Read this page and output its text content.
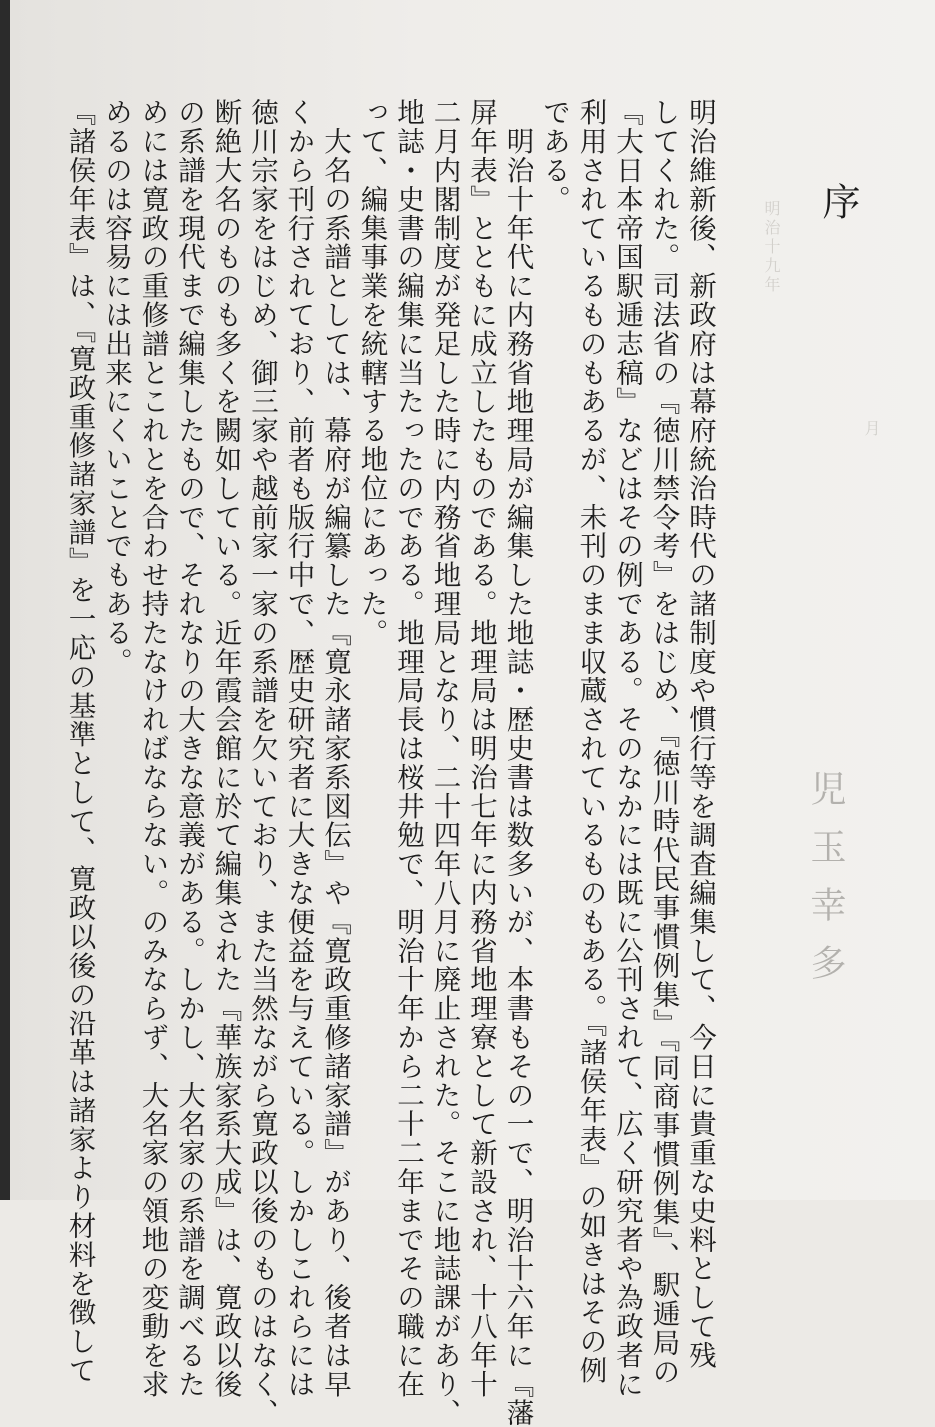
明治十九年
月
序
児玉幸多
明治維新後、新政府は幕府統治時代の諸制度や慣行等を調査編集して、今日に貴重な史料として残
してくれた。司法省の『徳川禁令考』をはじめ、『徳川時代民事慣例集』『同商事慣例集』、駅逓局の
『大日本帝国駅逓志稿』などはその例である。そのなかには既に公刊されて、広く研究者や為政者に
利用されているものもあるが、未刊のまま収蔵されているものもある。『諸侯年表』の如きはその例
である。
　明治十年代に内務省地理局が編集した地誌・歴史書は数多いが、本書もその一で、明治十六年に『藩
屏年表』とともに成立したものである。地理局は明治七年に内務省地理寮として新設され、十八年十
二月内閣制度が発足した時に内務省地理局となり、二十四年八月に廃止された。そこに地誌課があり、
地誌・史書の編集に当たったのである。地理局長は桜井勉で、明治十年から二十二年までその職に在
って、編集事業を統轄する地位にあった。
　大名の系譜としては、幕府が編纂した『寛永諸家系図伝』や『寛政重修諸家譜』があり、後者は早
くから刊行されており、前者も版行中で、歴史研究者に大きな便益を与えている。しかしこれらには
徳川宗家をはじめ、御三家や越前家一家の系譜を欠いており、また当然ながら寛政以後のものはなく、
断絶大名のものも多くを闕如している。近年霞会館に於て編集された『華族家系大成』は、寛政以後
の系譜を現代まで編集したもので、それなりの大きな意義がある。しかし、大名家の系譜を調べるた
めには寛政の重修譜とこれとを合わせ持たなければならない。のみならず、大名家の領地の変動を求
めるのは容易には出来にくいことでもある。
『諸侯年表』は、『寛政重修諸家譜』を一応の基準として、寛政以後の沿革は諸家より材料を徴して
